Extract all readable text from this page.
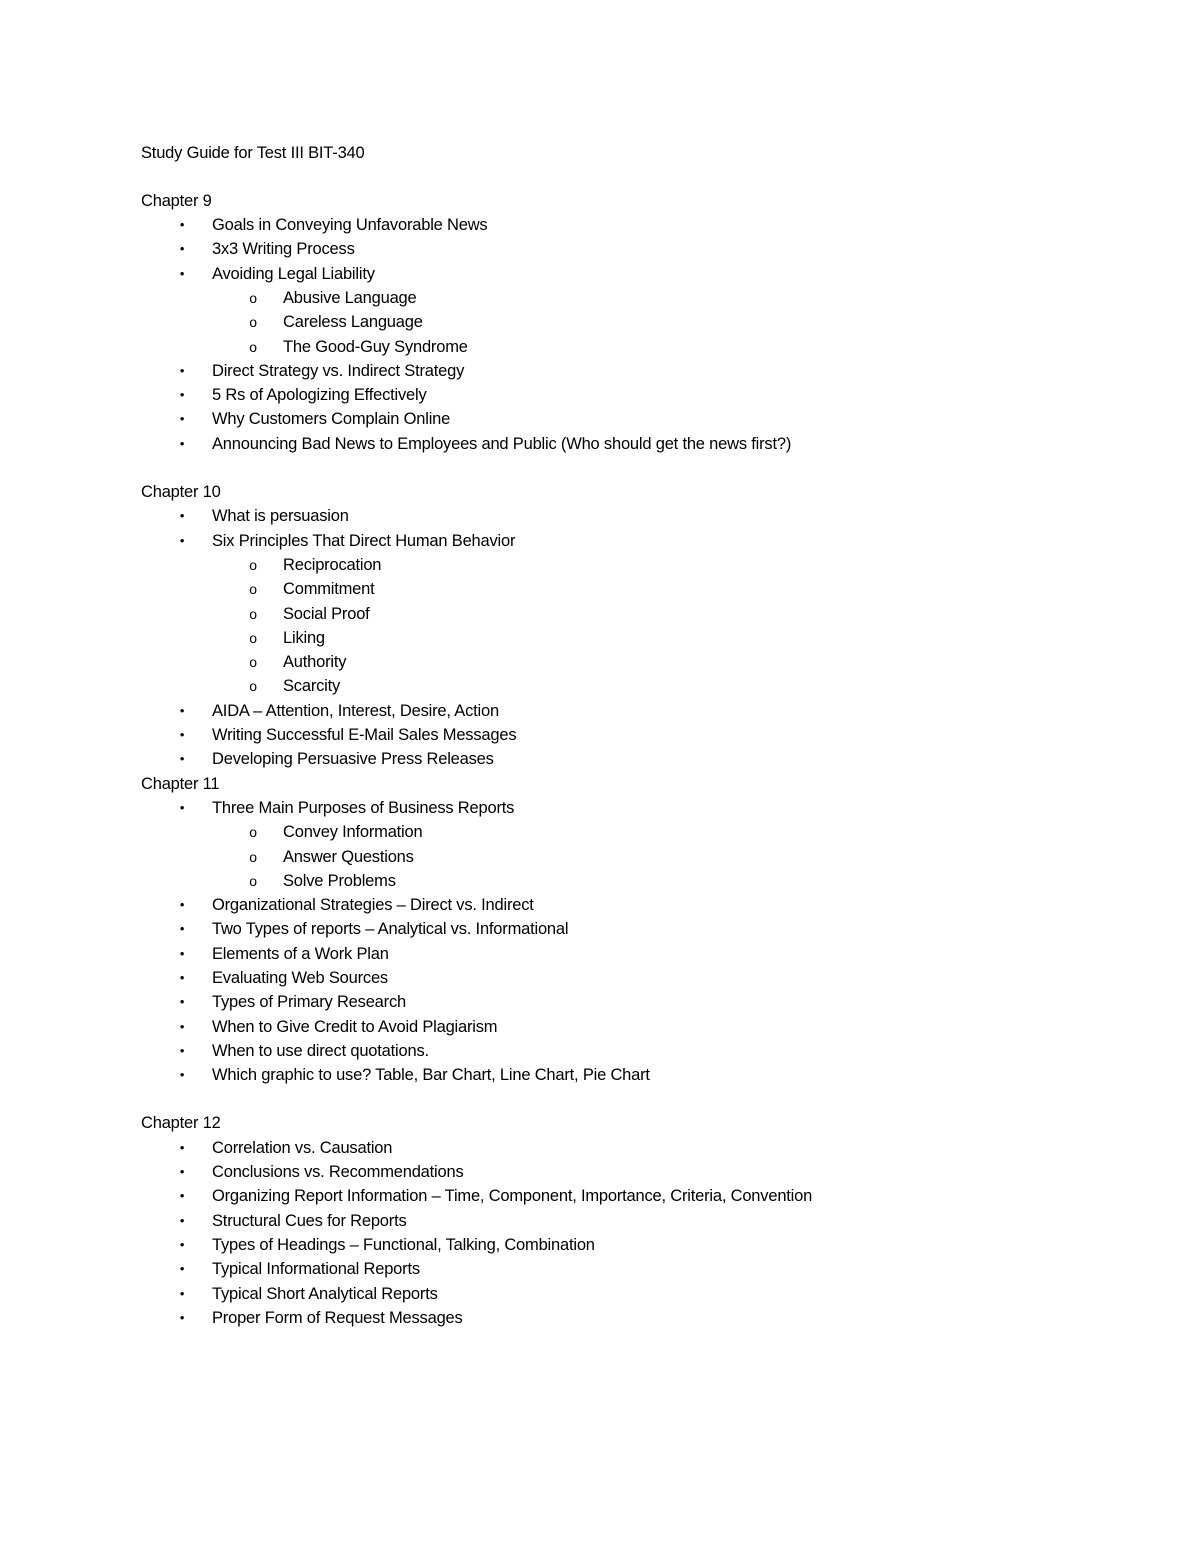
Study Guide for Test III BIT-340

Chapter 9

• Goals in Conveying Unfavorable News
• 3x3 Writing Process
• Avoiding Legal Liability
o Abusive Language
o Careless Language
o The Good-Guy Syndrome
• Direct Strategy vs. Indirect Strategy
• 5 Rs of Apologizing Effectively
• Why Customers Complain Online
• Announcing Bad News to Employees and Public (Who should get the news first?)

Chapter 10

• What is persuasion
• Six Principles That Direct Human Behavior
o Reciprocation
o Commitment
o Social Proof
o Liking
o Authority
o Scarcity
• AIDA – Attention, Interest, Desire, Action
• Writing Successful E-Mail Sales Messages
• Developing Persuasive Press Releases

Chapter 11

• Three Main Purposes of Business Reports
o Convey Information
o Answer Questions
o Solve Problems
• Organizational Strategies – Direct vs. Indirect
• Two Types of reports – Analytical vs. Informational
• Elements of a Work Plan
• Evaluating Web Sources
• Types of Primary Research
• When to Give Credit to Avoid Plagiarism
• When to use direct quotations.
• Which graphic to use? Table, Bar Chart, Line Chart, Pie Chart

Chapter 12

• Correlation vs. Causation
• Conclusions vs. Recommendations
• Organizing Report Information – Time, Component, Importance, Criteria, Convention
• Structural Cues for Reports
• Types of Headings – Functional, Talking, Combination
• Typical Informational Reports
• Typical Short Analytical Reports
• Proper Form of Request Messages
